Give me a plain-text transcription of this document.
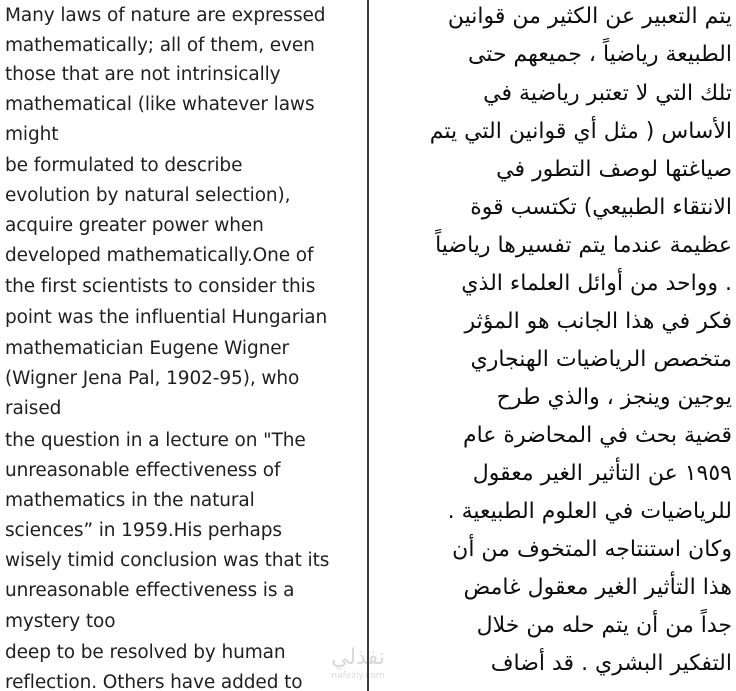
Many laws of nature are expressed
mathematically; all of them, even
those that are not intrinsically
mathematical (like whatever laws
might
be formulated to describe
evolution by natural selection),
acquire greater power when
developed mathematically.One of
the first scientists to consider this
point was the influential Hungarian
mathematician Eugene Wigner
(Wigner Jena Pal, 1902-95), who
raised
the question in a lecture on "The
unreasonable effectiveness of
mathematics in the natural
sciences” in 1959.His perhaps
wisely timid conclusion was that its
unreasonable effectiveness is a
mystery too
deep to be resolved by human
reflection. Others have added to
يتم التعبير عن الكثير من قوانين
الطبيعة رياضياً ، جميعهم حتى
تلك التي لا تعتبر رياضية في
الأساس ( مثل أي قوانين التي يتم
صياغتها لوصف التطور في
الانتقاء الطبيعي) تكتسب قوة
عظيمة عندما يتم تفسيرها رياضياً
. وواحد من أوائل العلماء الذي
فكر في هذا الجانب هو المؤثر
متخصص الرياضيات الهنجاري
يوجين وينجز ، والذي طرح
قضية بحث في المحاضرة عام
١٩٥٩ عن التأثير الغير معقول
للرياضيات في العلوم الطبيعية .
وكان استنتاجه المتخوف من أن
هذا التأثير الغير معقول غامض
جداً من أن يتم حله من خلال
التفكير البشري . قد أضاف
نفذلي
nafezly.com
